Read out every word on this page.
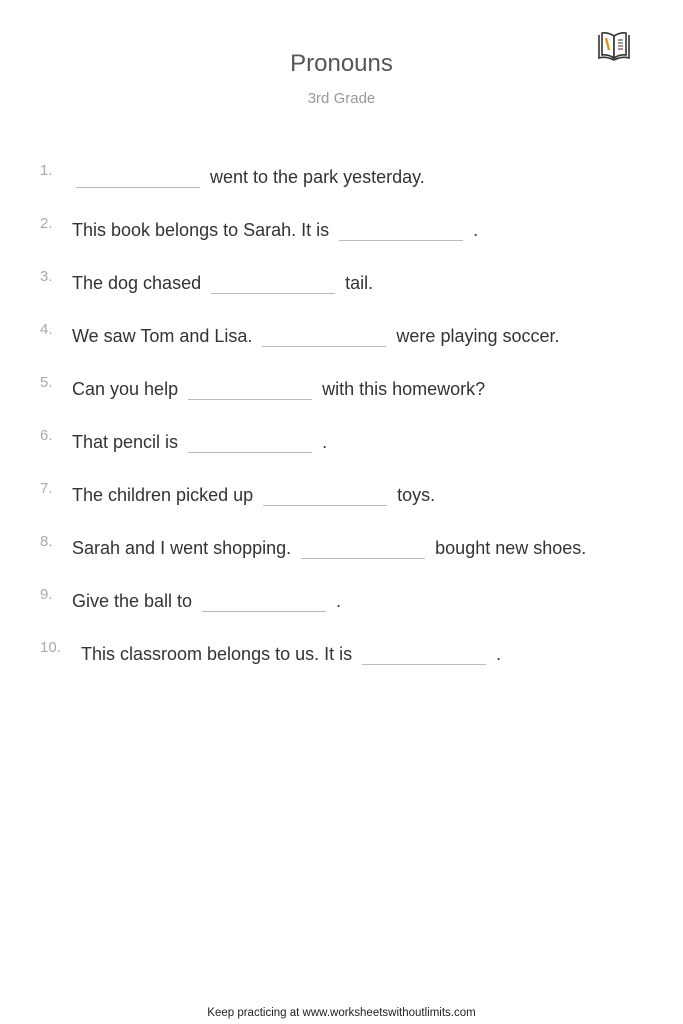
Pronouns
3rd Grade
1.	went to the park yesterday.
2. This book belongs to Sarah. It is	.
3. The dog chased	tail.
4. We saw Tom and Lisa.	were playing soccer.
5. Can you help	with this homework?
6. That pencil is	.
7. The children picked up	toys.
8. Sarah and I went shopping.	bought new shoes.
9. Give the ball to	.
10. This classroom belongs to us. It is	.
Keep practicing at www.worksheetswithoutlimits.com
